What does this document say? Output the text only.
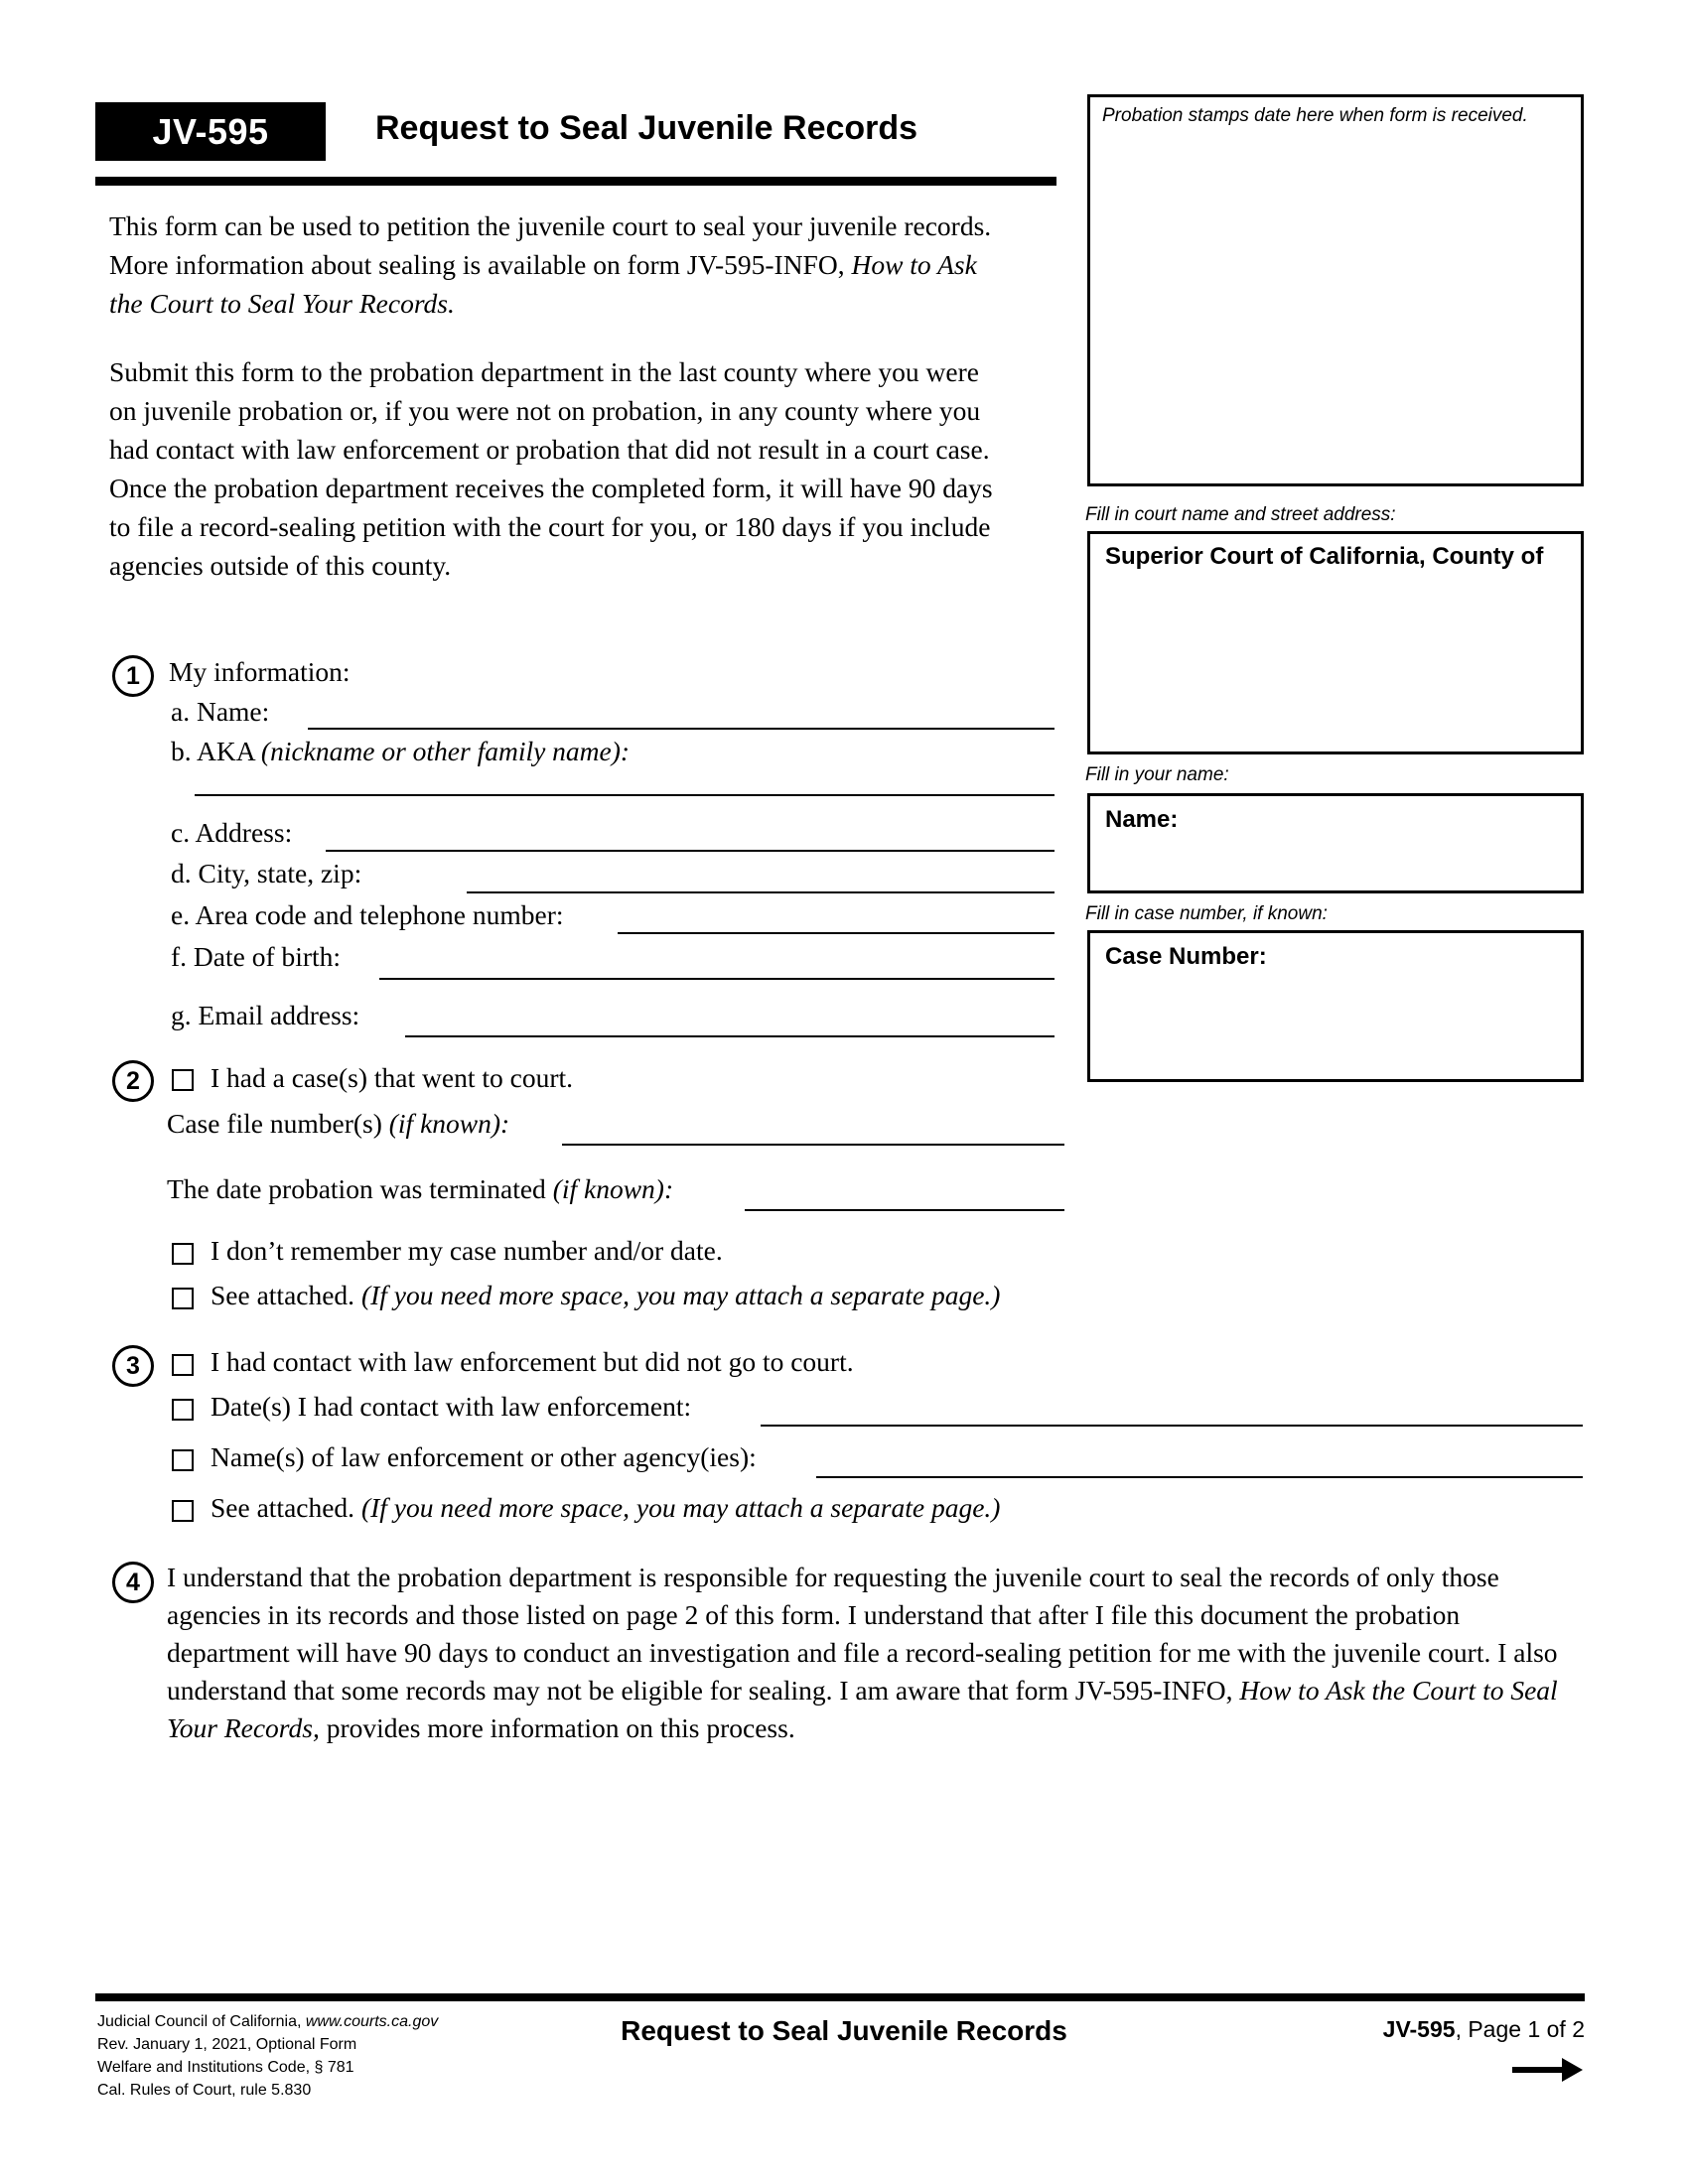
JV-595	Request to Seal Juvenile Records
This form can be used to petition the juvenile court to seal your juvenile records. More information about sealing is available on form JV-595-INFO, How to Ask the Court to Seal Your Records.
Submit this form to the probation department in the last county where you were on juvenile probation or, if you were not on probation, in any county where you had contact with law enforcement or probation that did not result in a court case. Once the probation department receives the completed form, it will have 90 days to file a record-sealing petition with the court for you, or 180 days if you include agencies outside of this county.
1	My information:
a. Name:
b. AKA (nickname or other family name):
c. Address:
d. City, state, zip:
e. Area code and telephone number:
f. Date of birth:
g. Email address:
2	I had a case(s) that went to court.
Case file number(s) (if known):
The date probation was terminated (if known):
I don’t remember my case number and/or date.
See attached. (If you need more space, you may attach a separate page.)
3	I had contact with law enforcement but did not go to court.
Date(s) I had contact with law enforcement:
Name(s) of law enforcement or other agency(ies):
See attached. (If you need more space, you may attach a separate page.)
4 I understand that the probation department is responsible for requesting the juvenile court to seal the records of only those agencies in its records and those listed on page 2 of this form. I understand that after I file this document the probation department will have 90 days to conduct an investigation and file a record-sealing petition for me with the juvenile court. I also understand that some records may not be eligible for sealing. I am aware that form JV-595-INFO, How to Ask the Court to Seal Your Records, provides more information on this process.
Probation stamps date here when form is received.
Fill in court name and street address:
Superior Court of California, County of
Fill in your name:
Name:
Fill in case number, if known:
Case Number:
Judicial Council of California, www.courts.ca.gov
Rev. January 1, 2021, Optional Form
Welfare and Institutions Code, § 781
Cal. Rules of Court, rule 5.830
Request to Seal Juvenile Records	JV-595, Page 1 of 2
